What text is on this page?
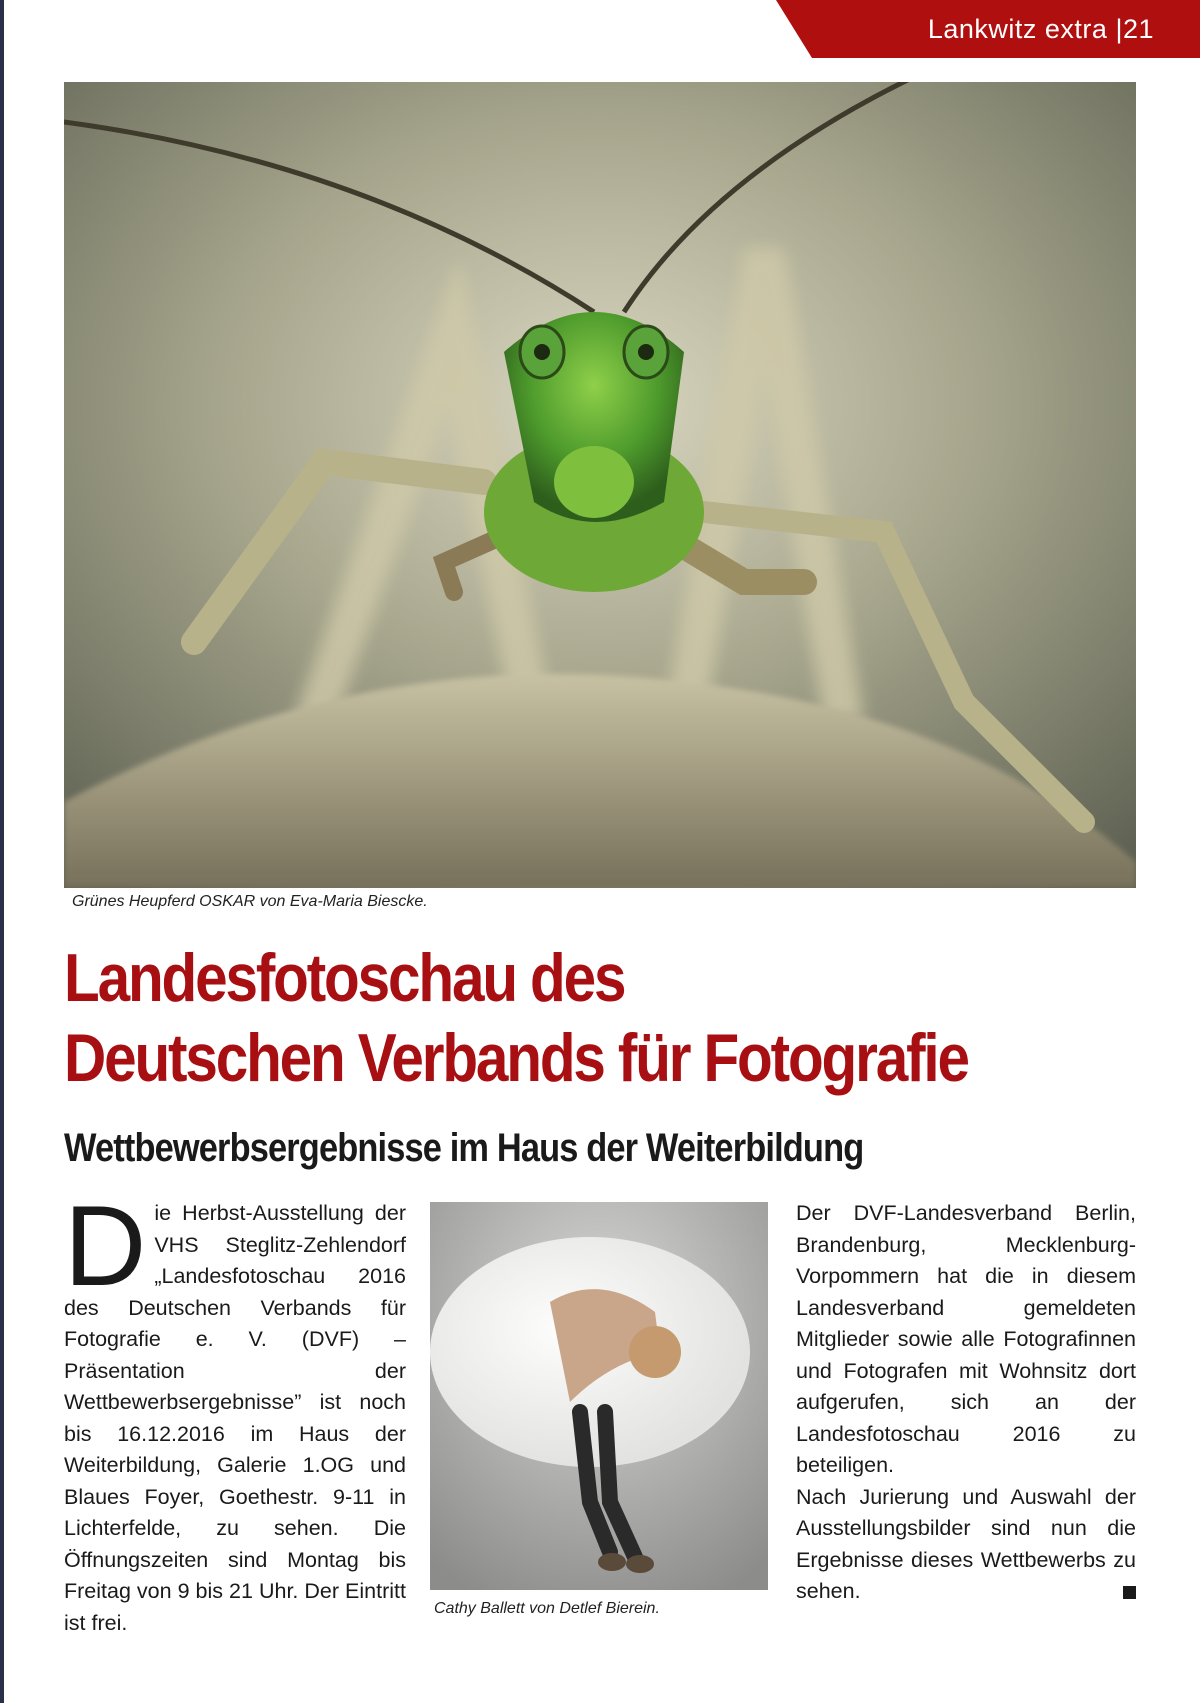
Lankwitz extra |21
Grünes Heupferd OSKAR von Eva-Maria Biescke.
Landesfotoschau des
Deutschen Verbands für Fotografie
Wettbewerbsergebnisse im Haus der Weiterbildung
D ie Herbst-Ausstellung der VHS Steglitz-Zehlendorf „Landesfotoschau 2016 des Deutschen Verbands für Fotografie e. V. (DVF) – Präsentation der Wettbewerbsergebnisse” ist noch bis 16.12.2016 im Haus der Weiterbildung, Galerie 1.OG und Blaues Foyer, Goethestr. 9-11 in Lichterfelde, zu sehen. Die Öffnungszeiten sind Montag bis Freitag von 9 bis 21 Uhr. Der Eintritt ist frei.
Cathy Ballett von Detlef Bierein.
Der DVF-Landesverband Berlin, Brandenburg, Mecklenburg-Vorpommern hat die in diesem Landesverband gemeldeten Mitglieder sowie alle Fotografinnen und Fotografen mit Wohnsitz dort aufgerufen, sich an der Landesfotoschau 2016 zu beteiligen.
Nach Jurierung und Auswahl der Ausstellungsbilder sind nun die Ergebnisse dieses Wettbewerbs zu sehen.
